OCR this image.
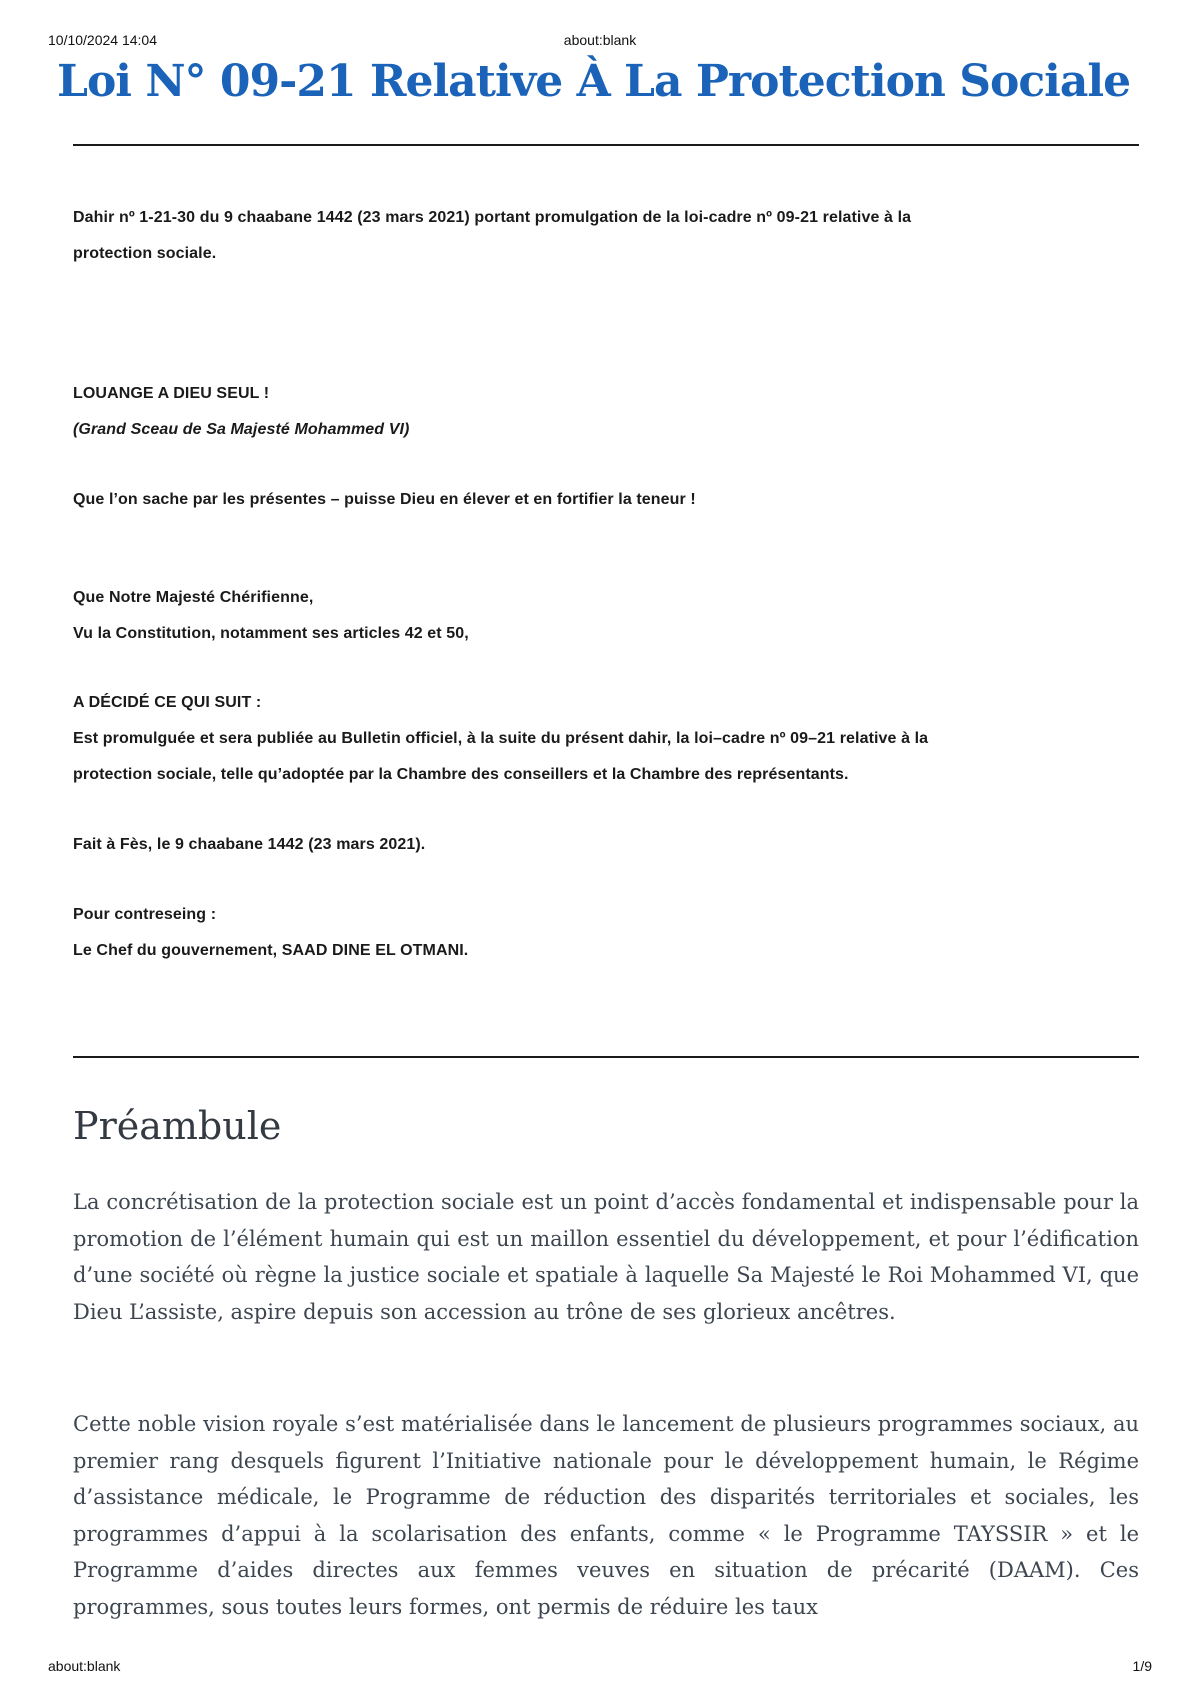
10/10/2024 14:04	about:blank
Loi N° 09-21 Relative À La Protection Sociale

Dahir nº 1-21-30 du 9 chaabane 1442 (23 mars 2021) portant promulgation de la loi-cadre nº 09-21 relative à la

protection sociale.

LOUANGE A DIEU SEUL !

(Grand Sceau de Sa Majesté Mohammed VI)

Que l’on sache par les présentes – puisse Dieu en élever et en fortifier la teneur !

Que Notre Majesté Chérifienne,

Vu la Constitution, notamment ses articles 42 et 50,

A DÉCIDÉ CE QUI SUIT :

Est promulguée et sera publiée au Bulletin officiel, à la suite du présent dahir, la loi–cadre nº 09–21 relative à la

protection sociale, telle qu’adoptée par la Chambre des conseillers et la Chambre des représentants.

Fait à Fès, le 9 chaabane 1442 (23 mars 2021).

Pour contreseing :

Le Chef du gouvernement, SAAD DINE EL OTMANI.

Préambule

La concrétisation de la protection sociale est un point d’accès fondamental et indispensable pour la promotion de l’élément humain qui est un maillon essentiel du développement, et pour l’édification d’une société où règne la justice sociale et spatiale à laquelle Sa Majesté le Roi Mohammed VI, que Dieu L’assiste, aspire depuis son accession au trône de ses glorieux ancêtres.

Cette noble vision royale s’est matérialisée dans le lancement de plusieurs programmes sociaux, au premier rang desquels figurent l’Initiative nationale pour le développement humain, le Régime d’assistance médicale, le Programme de réduction des disparités territoriales et sociales, les programmes d’appui à la scolarisation des enfants, comme « le Programme TAYSSIR » et le Programme d’aides directes aux femmes veuves en situation de précarité (DAAM). Ces programmes, sous toutes leurs formes, ont permis de réduire les taux

about:blank	1/9
